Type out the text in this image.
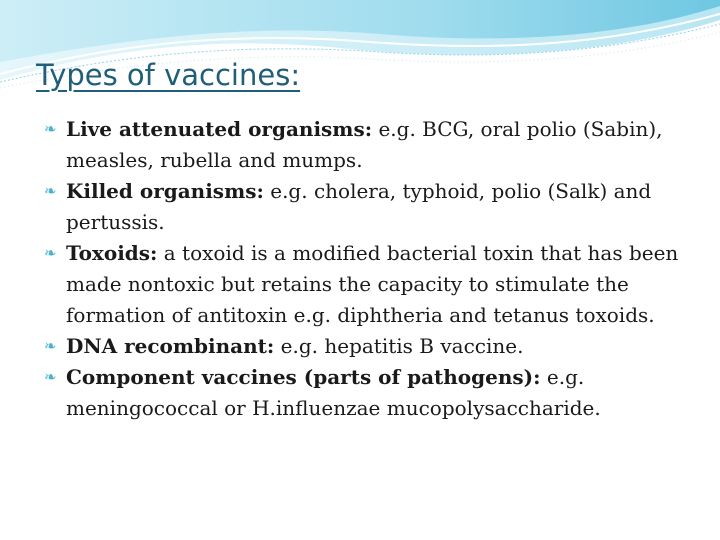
Types of vaccines:
❧ Live attenuated organisms: e.g. BCG, oral polio (Sabin), measles, rubella and mumps.
❧ Killed organisms: e.g. cholera, typhoid, polio (Salk) and pertussis.
❧ Toxoids: a toxoid is a modified bacterial toxin that has been made nontoxic but retains the capacity to stimulate the formation of antitoxin e.g. diphtheria and tetanus toxoids.
❧ DNA recombinant: e.g. hepatitis B vaccine.
❧ Component vaccines (parts of pathogens): e.g. meningococcal or H.influenzae mucopolysaccharide.
